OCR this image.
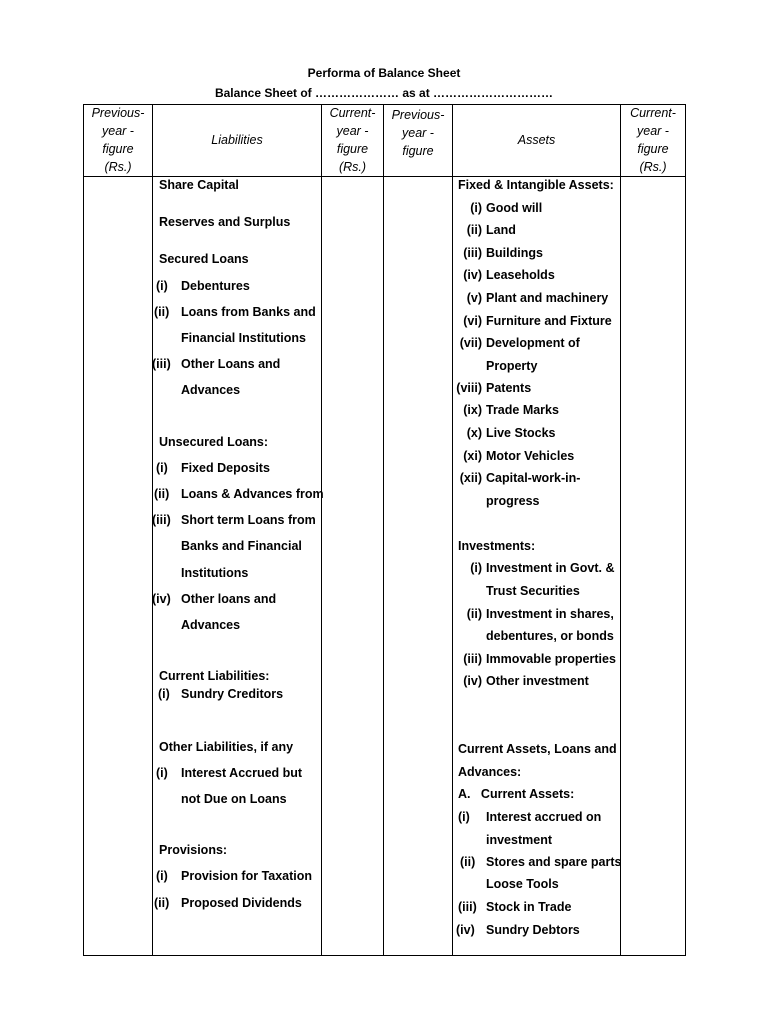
Performa of Balance Sheet
Balance Sheet of ………………… as at …………………………
Previous-
year -
figure
(Rs.)
Liabilities
Current-
year -
figure
(Rs.)
Previous-
year -
figure
Assets
Current-
year -
figure
(Rs.)
Share Capital
Reserves and Surplus
Secured Loans
(i) Debentures
(ii) Loans from Banks and
Financial Institutions
(iii) Other Loans and
Advances
Unsecured Loans:
(i) Fixed Deposits
(ii) Loans & Advances from
(iii) Short term Loans from
Banks and Financial
Institutions
(iv) Other loans and
Advances
Current Liabilities:
(i) Sundry Creditors
Other Liabilities, if any
(i) Interest Accrued but
not Due on Loans
Provisions:
(i) Provision for Taxation
(ii) Proposed Dividends
Fixed & Intangible Assets:
(i) Good will
(ii) Land
(iii) Buildings
(iv) Leaseholds
(v) Plant and machinery
(vi) Furniture and Fixture
(vii) Development of
Property
(viii) Patents
(ix) Trade Marks
(x) Live Stocks
(xi) Motor Vehicles
(xii) Capital-work-in-
progress
Investments:
(i) Investment in Govt. &
Trust Securities
(ii) Investment in shares,
debentures, or bonds
(iii) Immovable properties
(iv) Other investment
Current Assets, Loans and
Advances:
A.   Current Assets:
(i) Interest accrued on
investment
(ii) Stores and spare parts
Loose Tools
(iii) Stock in Trade
(iv) Sundry Debtors
